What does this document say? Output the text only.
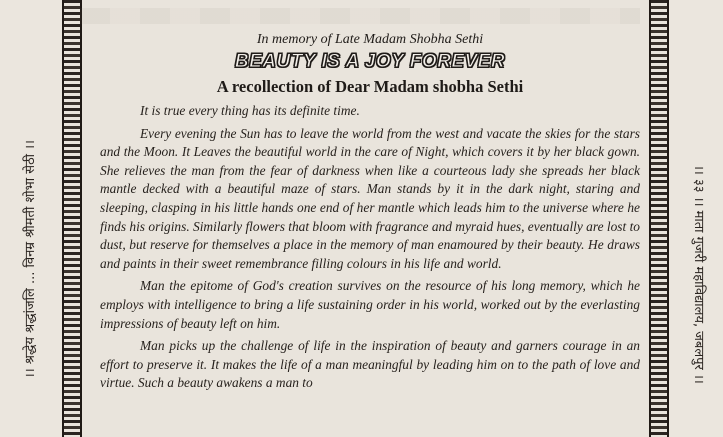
।। श्रद्धेय श्रद्धांजलि ... विनम्र श्रीमती शोभा सेठी ।।	।। ३३ ।। माता गुजरी महाविद्यालय, जबलपुर ।।

In memory of Late Madam Shobha Sethi

BEAUTY IS A JOY FOREVER

A recollection of Dear Madam shobha Sethi

It is true every thing has its definite time.

Every evening the Sun has to leave the world from the west and vacate the skies for the stars and the Moon. It Leaves the beautiful world in the care of Night, which covers it by her black gown. She relieves the man from the fear of darkness when like a courteous lady she spreads her black mantle decked with a beautiful maze of stars. Man stands by it in the dark night, staring and sleeping, clasping in his little hands one end of her mantle which leads him to the universe where he finds his origins. Similarly flowers that bloom with fragrance and myraid hues, eventually are lost to dust, but reserve for themselves a place in the memory of man enamoured by their beauty. He draws and paints in their sweet remembrance filling colours in his life and world.

Man the epitome of God's creation survives on the resource of his long memory, which he employs with intelligence to bring a life sustaining order in his world, worked out by the everlasting impressions of beauty left on him.

Man picks up the challenge of life in the inspiration of beauty and garners courage in an effort to preserve it. It makes the life of a man meaningful by leading him on to the path of love and virtue. Such a beauty awakens a man to
